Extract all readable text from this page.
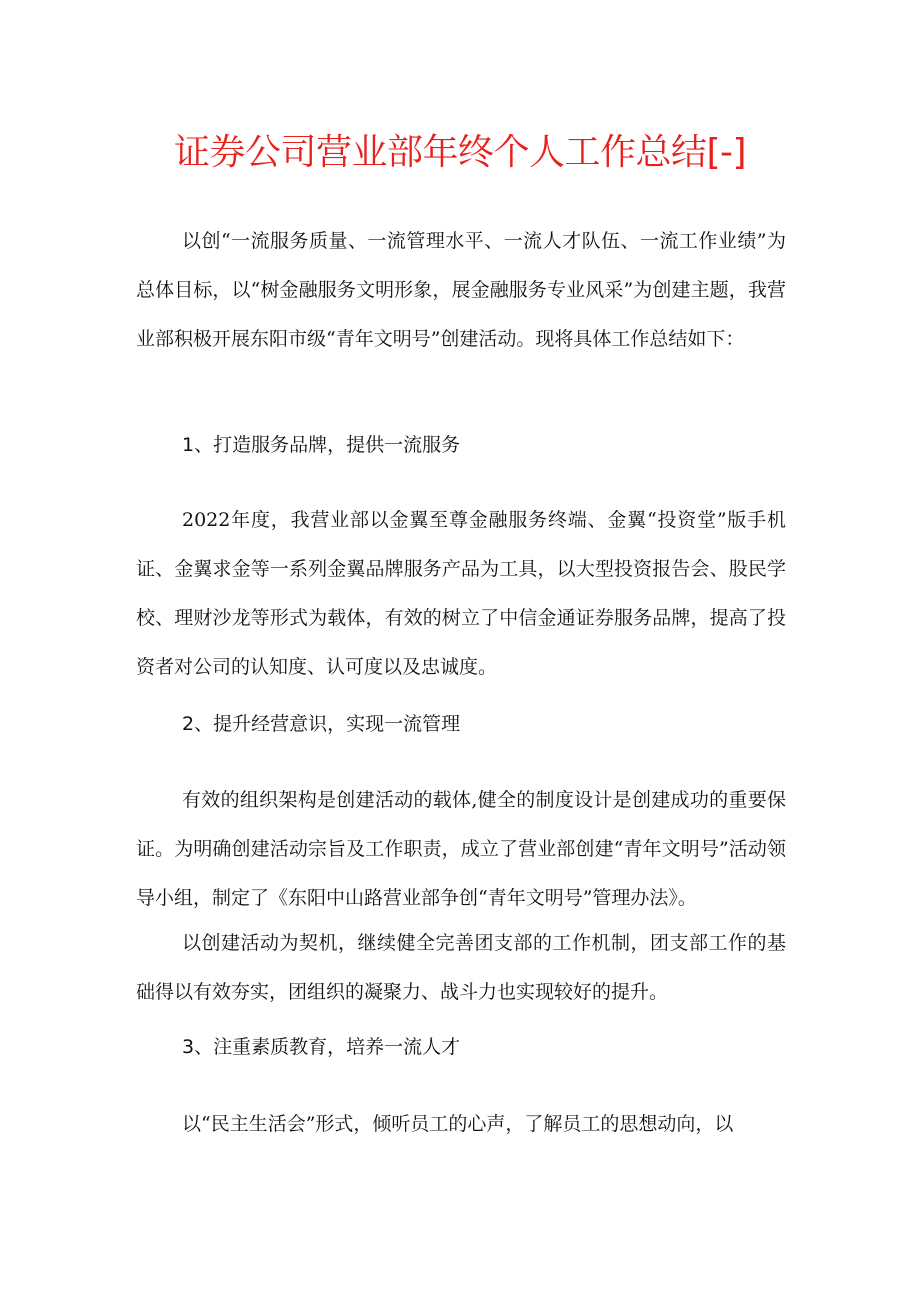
证券公司营业部年终个人工作总结[-]
以创“一流服务质量、一流管理水平、一流人才队伍、一流工作业绩”为总体目标，以“树金融服务文明形象，展金融服务专业风采”为创建主题，我营业部积极开展东阳市级“青年文明号”创建活动。现将具体工作总结如下：
1、打造服务品牌，提供一流服务
2022年度，我营业部以金翼至尊金融服务终端、金翼“投资堂”版手机证、金翼求金等一系列金翼品牌服务产品为工具，以大型投资报告会、股民学校、理财沙龙等形式为载体，有效的树立了中信金通证券服务品牌，提高了投资者对公司的认知度、认可度以及忠诚度。
2、提升经营意识，实现一流管理
有效的组织架构是创建活动的载体,健全的制度设计是创建成功的重要保证。为明确创建活动宗旨及工作职责，成立了营业部创建“青年文明号”活动领导小组，制定了《东阳中山路营业部争创“青年文明号”管理办法》。
以创建活动为契机，继续健全完善团支部的工作机制，团支部工作的基础得以有效夯实，团组织的凝聚力、战斗力也实现较好的提升。
3、注重素质教育，培养一流人才
以“民主生活会”形式，倾听员工的心声，了解员工的思想动向，以
